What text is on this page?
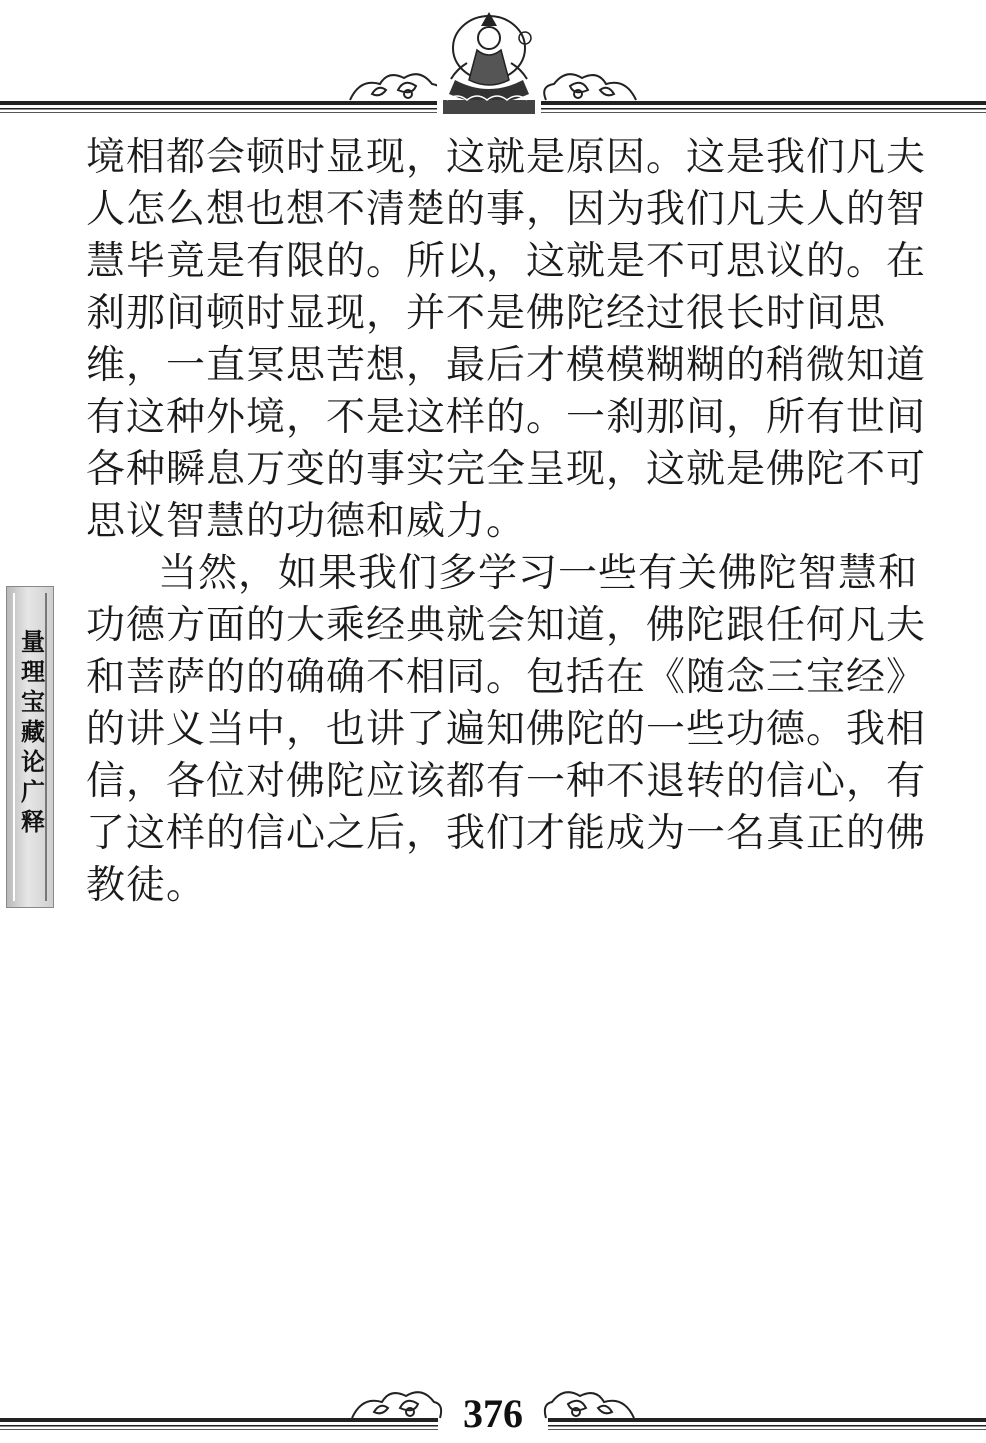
境相都会顿时显现，这就是原因。这是我们凡夫
人怎么想也想不清楚的事，因为我们凡夫人的智
慧毕竟是有限的。所以，这就是不可思议的。在
刹那间顿时显现，并不是佛陀经过很长时间思
维，一直冥思苦想，最后才模模糊糊的稍微知道
有这种外境，不是这样的。一刹那间，所有世间
各种瞬息万变的事实完全呈现，这就是佛陀不可
思议智慧的功德和威力。
当然，如果我们多学习一些有关佛陀智慧和
功德方面的大乘经典就会知道，佛陀跟任何凡夫
和菩萨的的确确不相同。包括在《随念三宝经》
的讲义当中，也讲了遍知佛陀的一些功德。我相
信，各位对佛陀应该都有一种不退转的信心，有
了这样的信心之后，我们才能成为一名真正的佛
教徒。
量理宝藏论广释
376
